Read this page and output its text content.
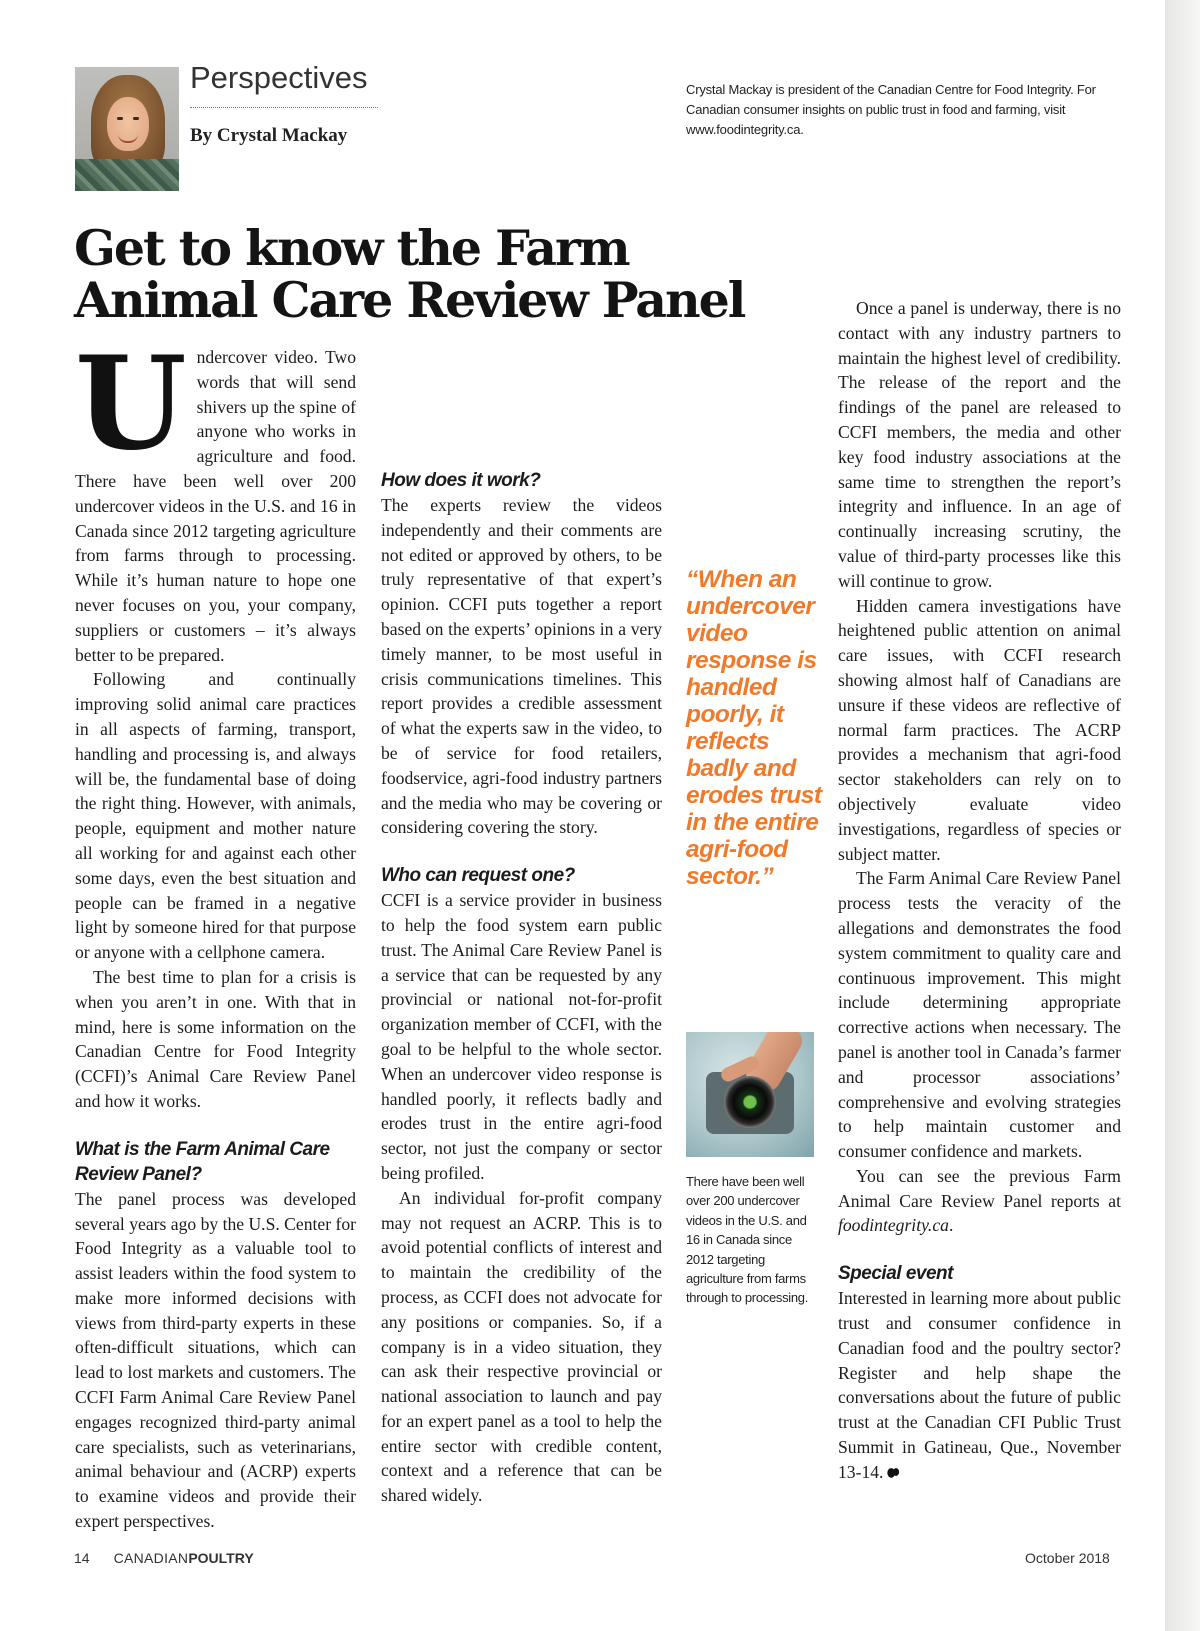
Perspectives
By Crystal Mackay
Crystal Mackay is president of the Canadian Centre for Food Integrity. For Canadian consumer insights on public trust in food and farming, visit www.foodintegrity.ca.
Get to know the Farm Animal Care Review Panel

Undercover video. Two words that will send shivers up the spine of anyone who works in agriculture and food. There have been well over 200 undercover videos in the U.S. and 16 in Canada since 2012 targeting agriculture from farms through to processing. While it’s human nature to hope one never focuses on you, your company, suppliers or customers – it’s always better to be prepared.

Following and continually improving solid animal care practices in all aspects of farming, transport, handling and processing is, and always will be, the fundamental base of doing the right thing. However, with animals, people, equipment and mother nature all working for and against each other some days, even the best situation and people can be framed in a negative light by someone hired for that purpose or anyone with a cellphone camera.

The best time to plan for a crisis is when you aren’t in one. With that in mind, here is some information on the Canadian Centre for Food Integrity (CCFI)’s Animal Care Review Panel and how it works.

What is the Farm Animal Care Review Panel?

The panel process was developed several years ago by the U.S. Center for Food Integrity as a valuable tool to assist leaders within the food system to make more informed decisions with views from third-party experts in these often-difficult situations, which can lead to lost markets and customers. The CCFI Farm Animal Care Review Panel engages recognized third-party animal care specialists, such as veterinarians, animal behaviour and (ACRP) experts to examine videos and provide their expert perspectives.

How does it work?

The experts review the videos independently and their comments are not edited or approved by others, to be truly representative of that expert’s opinion. CCFI puts together a report based on the experts’ opinions in a very timely manner, to be most useful in crisis communications timelines. This report provides a credible assessment of what the experts saw in the video, to be of service for food retailers, foodservice, agri-food industry partners and the media who may be covering or considering covering the story.

Who can request one?

CCFI is a service provider in business to help the food system earn public trust. The Animal Care Review Panel is a service that can be requested by any provincial or national not-for-profit organization member of CCFI, with the goal to be helpful to the whole sector. When an undercover video response is handled poorly, it reflects badly and erodes trust in the entire agri-food sector, not just the company or sector being profiled.

An individual for-profit company may not request an ACRP. This is to avoid potential conflicts of interest and to maintain the credibility of the process, as CCFI does not advocate for any positions or companies. So, if a company is in a video situation, they can ask their respective provincial or national association to launch and pay for an expert panel as a tool to help the entire sector with credible content, context and a reference that can be shared widely.

Once a panel is underway, there is no contact with any industry partners to maintain the highest level of credibility. The release of the report and the findings of the panel are released to CCFI members, the media and other key food industry associations at the same time to strengthen the report’s integrity and influence. In an age of continually increasing scrutiny, the value of third-party processes like this will continue to grow.

Hidden camera investigations have heightened public attention on animal care issues, with CCFI research showing almost half of Canadians are unsure if these videos are reflective of normal farm practices. The ACRP provides a mechanism that agri-food sector stakeholders can rely on to objectively evaluate video investigations, regardless of species or subject matter.

The Farm Animal Care Review Panel process tests the veracity of the allegations and demonstrates the food system commitment to quality care and continuous improvement. This might include determining appropriate corrective actions when necessary. The panel is another tool in Canada’s farmer and processor associations’ comprehensive and evolving strategies to help maintain customer and consumer confidence and markets.

You can see the previous Farm Animal Care Review Panel reports at foodintegrity.ca.

Special event

Interested in learning more about public trust and consumer confidence in Canadian food and the poultry sector? Register and help shape the conversations about the future of public trust at the Canadian CFI Public Trust Summit in Gatineau, Que., November 13-14.

“When an undercover video response is handled poorly, it reflects badly and erodes trust in the entire agri-food sector.”
There have been well over 200 undercover videos in the U.S. and 16 in Canada since 2012 targeting agriculture from farms through to processing.
14 CANADIANPOULTRY	October 2018
